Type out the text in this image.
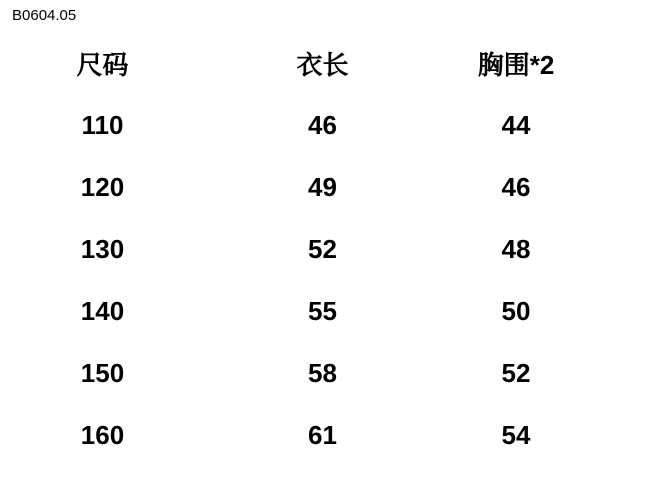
B0604.05
尺码	衣长	胸围*2
110	46	44
120	49	46
130	52	48
140	55	50
150	58	52
160	61	54
